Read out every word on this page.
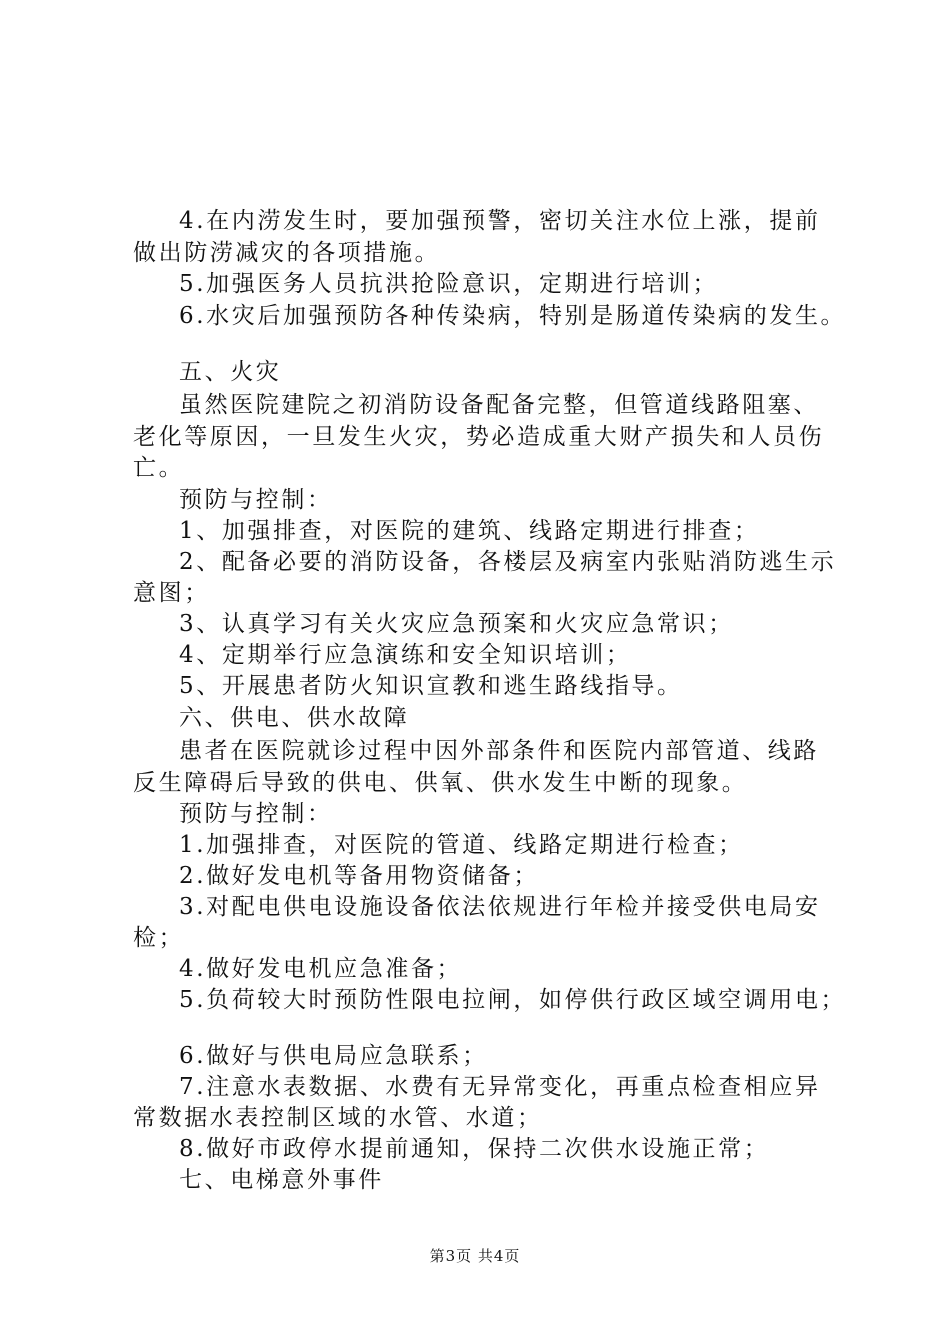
4.在内涝发生时，要加强预警，密切关注水位上涨，提前
做出防涝减灾的各项措施。
5.加强医务人员抗洪抢险意识，定期进行培训；
6.水灾后加强预防各种传染病，特别是肠道传染病的发生。
五、火灾
虽然医院建院之初消防设备配备完整，但管道线路阻塞、
老化等原因，一旦发生火灾，势必造成重大财产损失和人员伤
亡。
预防与控制：
1、加强排查，对医院的建筑、线路定期进行排查；
2、配备必要的消防设备，各楼层及病室内张贴消防逃生示
意图；
3、认真学习有关火灾应急预案和火灾应急常识；
4、定期举行应急演练和安全知识培训；
5、开展患者防火知识宣教和逃生路线指导。
六、供电、供水故障
患者在医院就诊过程中因外部条件和医院内部管道、线路
反生障碍后导致的供电、供氧、供水发生中断的现象。
预防与控制：
1.加强排查，对医院的管道、线路定期进行检查；
2.做好发电机等备用物资储备；
3.对配电供电设施设备依法依规进行年检并接受供电局安
检；
4.做好发电机应急准备；
5.负荷较大时预防性限电拉闸，如停供行政区域空调用电；
6.做好与供电局应急联系；
7.注意水表数据、水费有无异常变化，再重点检查相应异
常数据水表控制区域的水管、水道；
8.做好市政停水提前通知，保持二次供水设施正常；
七、电梯意外事件
第3页 共4页
